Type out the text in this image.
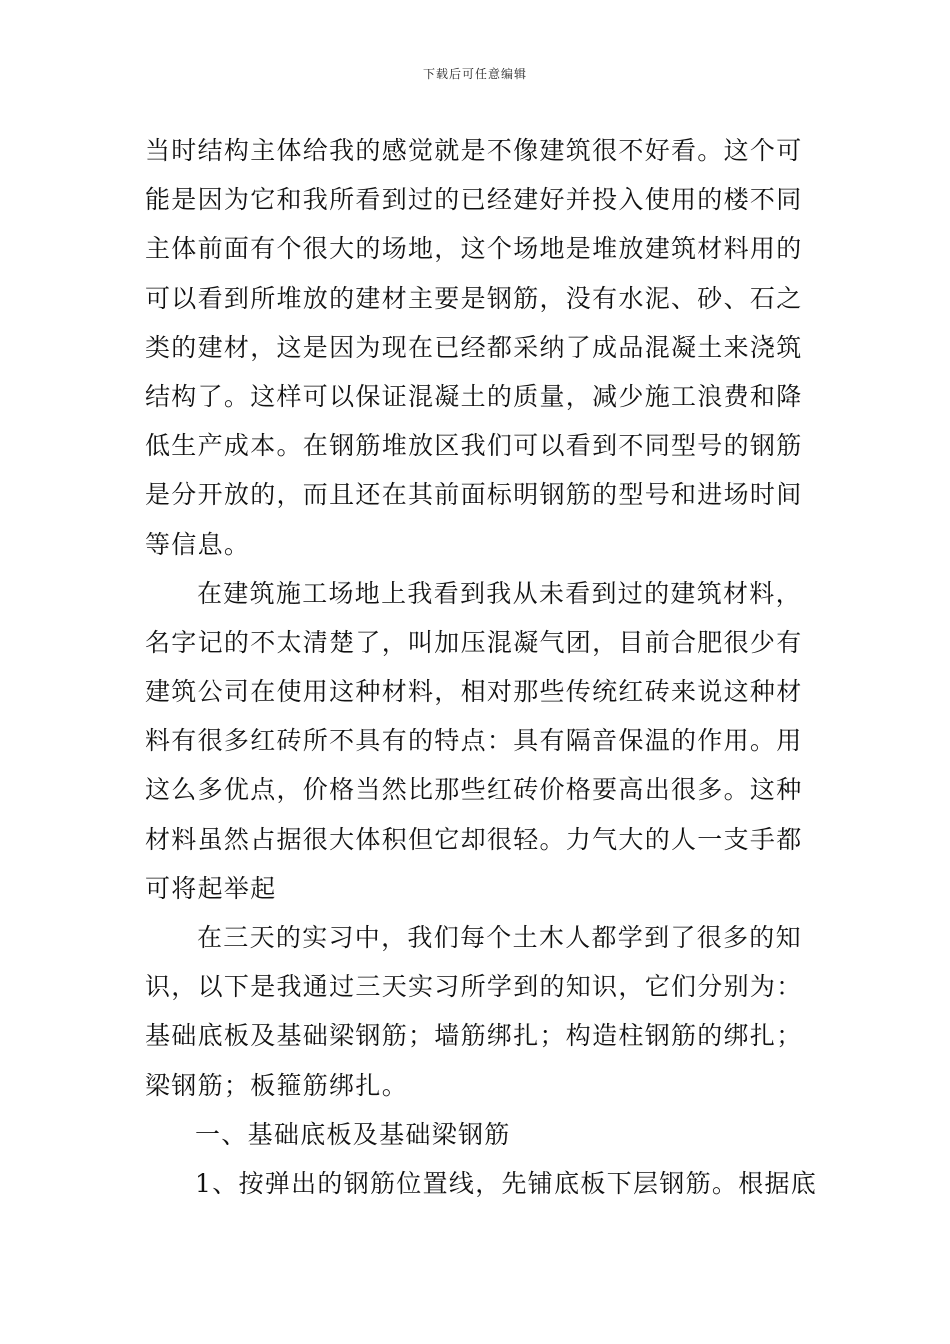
下载后可任意编辑
当时结构主体给我的感觉就是不像建筑很不好看。这个可
能是因为它和我所看到过的已经建好并投入使用的楼不同
主体前面有个很大的场地，这个场地是堆放建筑材料用的
可以看到所堆放的建材主要是钢筋，没有水泥、砂、石之
类的建材，这是因为现在已经都采纳了成品混凝土来浇筑
结构了。这样可以保证混凝土的质量，减少施工浪费和降
低生产成本。在钢筋堆放区我们可以看到不同型号的钢筋
是分开放的，而且还在其前面标明钢筋的型号和进场时间
等信息。
在建筑施工场地上我看到我从未看到过的建筑材料，
名字记的不太清楚了，叫加压混凝气团，目前合肥很少有
建筑公司在使用这种材料，相对那些传统红砖来说这种材
料有很多红砖所不具有的特点：具有隔音保温的作用。用
这么多优点，价格当然比那些红砖价格要高出很多。这种
材料虽然占据很大体积但它却很轻。力气大的人一支手都
可将起举起
在三天的实习中，我们每个土木人都学到了很多的知
识，以下是我通过三天实习所学到的知识，它们分别为：
基础底板及基础梁钢筋；墙筋绑扎；构造柱钢筋的绑扎；
梁钢筋；板箍筋绑扎。
一、基础底板及基础梁钢筋
1、按弹出的钢筋位置线，先铺底板下层钢筋。根据底
